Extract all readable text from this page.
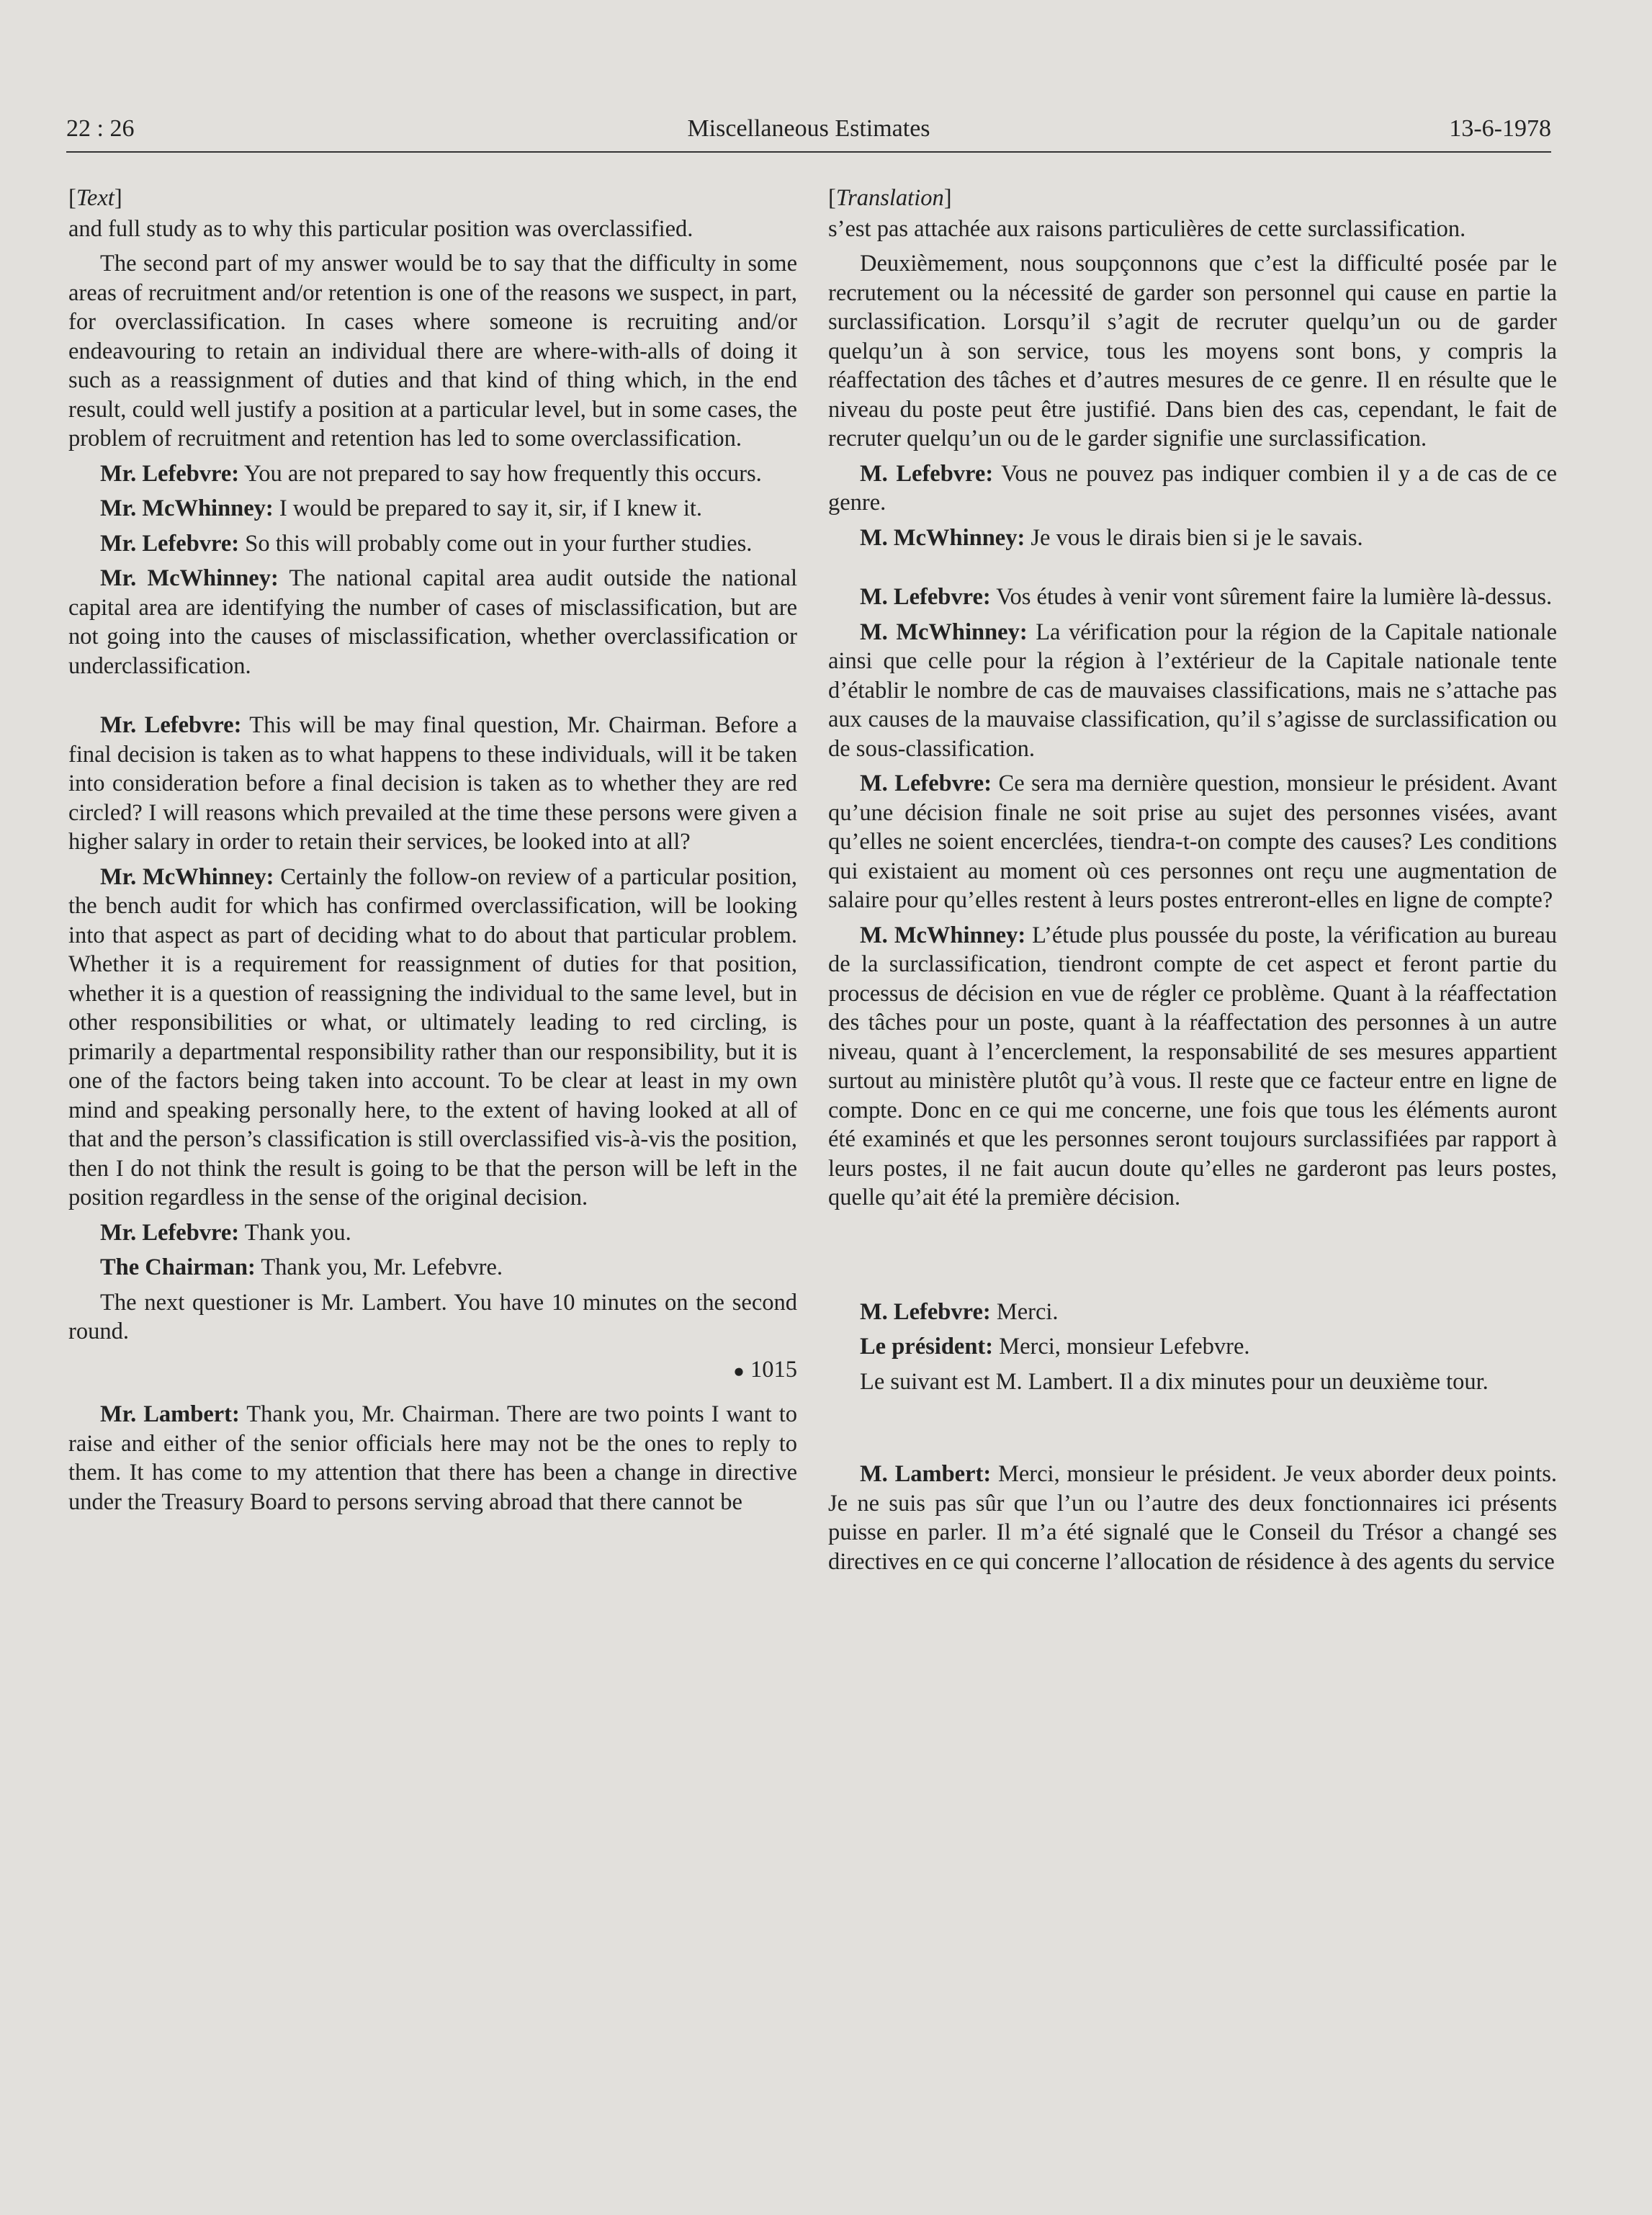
22 : 26	Miscellaneous Estimates	13-6-1978
[Text]
and full study as to why this particular position was overclassified.
The second part of my answer would be to say that the difficulty in some areas of recruitment and/or retention is one of the reasons we suspect, in part, for overclassification. In cases where someone is recruiting and/or endeavouring to retain an individual there are where-with-alls of doing it such as a reassignment of duties and that kind of thing which, in the end result, could well justify a position at a particular level, but in some cases, the problem of recruitment and retention has led to some overclassification.
Mr. Lefebvre: You are not prepared to say how frequently this occurs.
Mr. McWhinney: I would be prepared to say it, sir, if I knew it.
Mr. Lefebvre: So this will probably come out in your further studies.
Mr. McWhinney: The national capital area audit outside the national capital area are identifying the number of cases of misclassification, but are not going into the causes of misclassification, whether overclassification or underclassification.
Mr. Lefebvre: This will be may final question, Mr. Chairman. Before a final decision is taken as to what happens to these individuals, will it be taken into consideration before a final decision is taken as to whether they are red circled? I will reasons which prevailed at the time these persons were given a higher salary in order to retain their services, be looked into at all?
Mr. McWhinney: Certainly the follow-on review of a particular position, the bench audit for which has confirmed overclassification, will be looking into that aspect as part of deciding what to do about that particular problem. Whether it is a requirement for reassignment of duties for that position, whether it is a question of reassigning the individual to the same level, but in other responsibilities or what, or ultimately leading to red circling, is primarily a departmental responsibility rather than our responsibility, but it is one of the factors being taken into account. To be clear at least in my own mind and speaking personally here, to the extent of having looked at all of that and the person’s classification is still overclassified vis-à-vis the position, then I do not think the result is going to be that the person will be left in the position regardless in the sense of the original decision.
Mr. Lefebvre: Thank you.
The Chairman: Thank you, Mr. Lefebvre.
The next questioner is Mr. Lambert. You have 10 minutes on the second round.
● 1015
Mr. Lambert: Thank you, Mr. Chairman. There are two points I want to raise and either of the senior officials here may not be the ones to reply to them. It has come to my attention that there has been a change in directive under the Treasury Board to persons serving abroad that there cannot be
[Translation]
s’est pas attachée aux raisons particulières de cette surclassification.
Deuxièmement, nous soupçonnons que c’est la difficulté posée par le recrutement ou la nécessité de garder son personnel qui cause en partie la surclassification. Lorsqu’il s’agit de recruter quelqu’un ou de garder quelqu’un à son service, tous les moyens sont bons, y compris la réaffectation des tâches et d’autres mesures de ce genre. Il en résulte que le niveau du poste peut être justifié. Dans bien des cas, cependant, le fait de recruter quelqu’un ou de le garder signifie une surclassification.
M. Lefebvre: Vous ne pouvez pas indiquer combien il y a de cas de ce genre.
M. McWhinney: Je vous le dirais bien si je le savais.
M. Lefebvre: Vos études à venir vont sûrement faire la lumière là-dessus.
M. McWhinney: La vérification pour la région de la Capitale nationale ainsi que celle pour la région à l’extérieur de la Capitale nationale tente d’établir le nombre de cas de mauvaises classifications, mais ne s’attache pas aux causes de la mauvaise classification, qu’il s’agisse de surclassification ou de sous-classification.
M. Lefebvre: Ce sera ma dernière question, monsieur le président. Avant qu’une décision finale ne soit prise au sujet des personnes visées, avant qu’elles ne soient encerclées, tiendra-t-on compte des causes? Les conditions qui existaient au moment où ces personnes ont reçu une augmentation de salaire pour qu’elles restent à leurs postes entreront-elles en ligne de compte?
M. McWhinney: L’étude plus poussée du poste, la vérification au bureau de la surclassification, tiendront compte de cet aspect et feront partie du processus de décision en vue de régler ce problème. Quant à la réaffectation des tâches pour un poste, quant à la réaffectation des personnes à un autre niveau, quant à l’encerclement, la responsabilité de ses mesures appartient surtout au ministère plutôt qu’à vous. Il reste que ce facteur entre en ligne de compte. Donc en ce qui me concerne, une fois que tous les éléments auront été examinés et que les personnes seront toujours surclassifiées par rapport à leurs postes, il ne fait aucun doute qu’elles ne garderont pas leurs postes, quelle qu’ait été la première décision.
M. Lefebvre: Merci.
Le président: Merci, monsieur Lefebvre.
Le suivant est M. Lambert. Il a dix minutes pour un deuxième tour.
M. Lambert: Merci, monsieur le président. Je veux aborder deux points. Je ne suis pas sûr que l’un ou l’autre des deux fonctionnaires ici présents puisse en parler. Il m’a été signalé que le Conseil du Trésor a changé ses directives en ce qui concerne l’allocation de résidence à des agents du service
